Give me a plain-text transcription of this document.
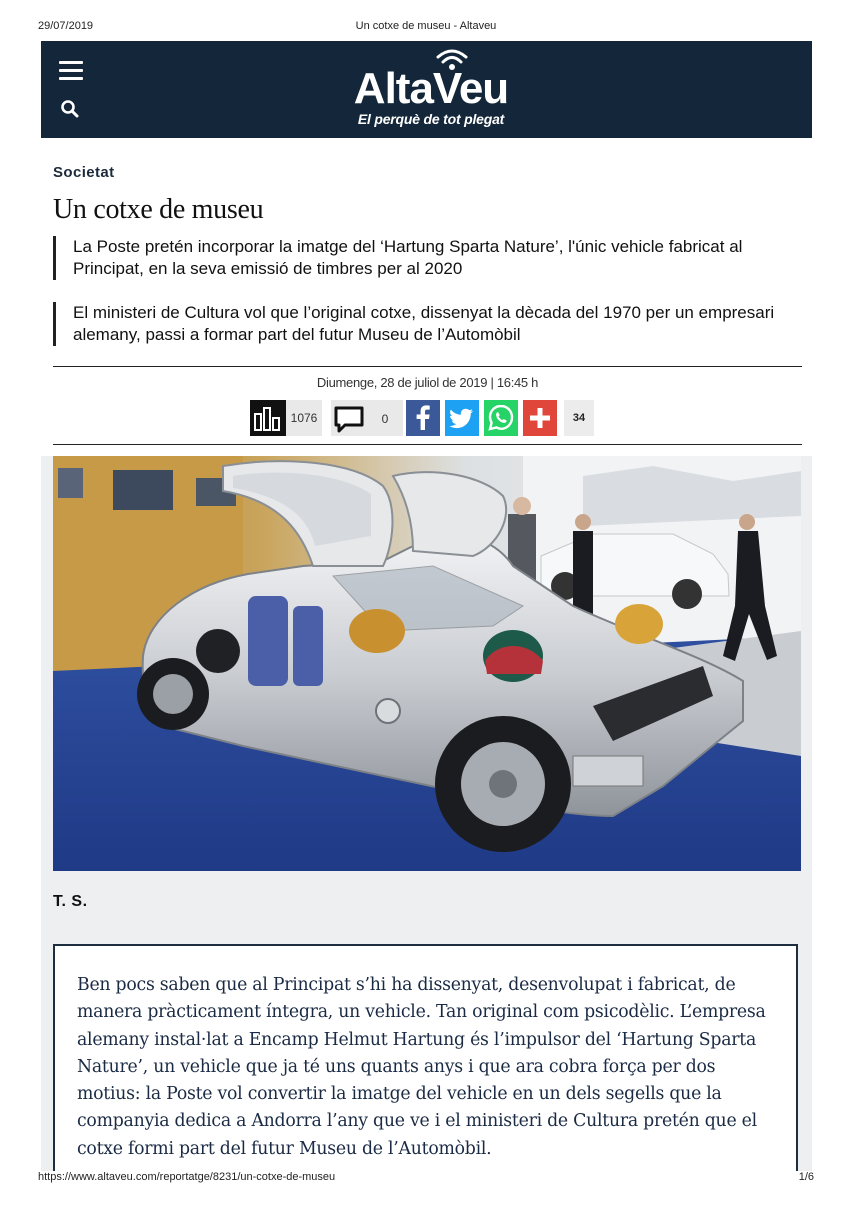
29/07/2019	Un cotxe de museu - Altaveu
AltaVeu
El perquè de tot plegat
Societat
Un cotxe de museu
La Poste pretén incorporar la imatge del ‘Hartung Sparta Nature’, l'únic vehicle fabricat al Principat, en la seva emissió de timbres per al 2020
El ministeri de Cultura vol que l’original cotxe, dissenyat la dècada del 1970 per un empresari alemany, passi a formar part del futur Museu de l’Automòbil
Diumenge, 28 de juliol de 2019 | 16:45 h
1076	0	34
T. S.

Ben pocs saben que al Principat s’hi ha dissenyat, desenvolupat i fabricat, de manera pràcticament íntegra, un vehicle. Tan original com psicodèlic. L’empresa alemany instal·lat a Encamp Helmut Hartung és l’impulsor del ‘Hartung Sparta Nature’, un vehicle que ja té uns quants anys i que ara cobra força per dos motius: la Poste vol convertir la imatge del vehicle en un dels segells que la companyia dedica a Andorra l’any que ve i el ministeri de Cultura pretén que el cotxe formi part del futur Museu de l’Automòbil.

https://www.altaveu.com/reportatge/8231/un-cotxe-de-museu	1/6
